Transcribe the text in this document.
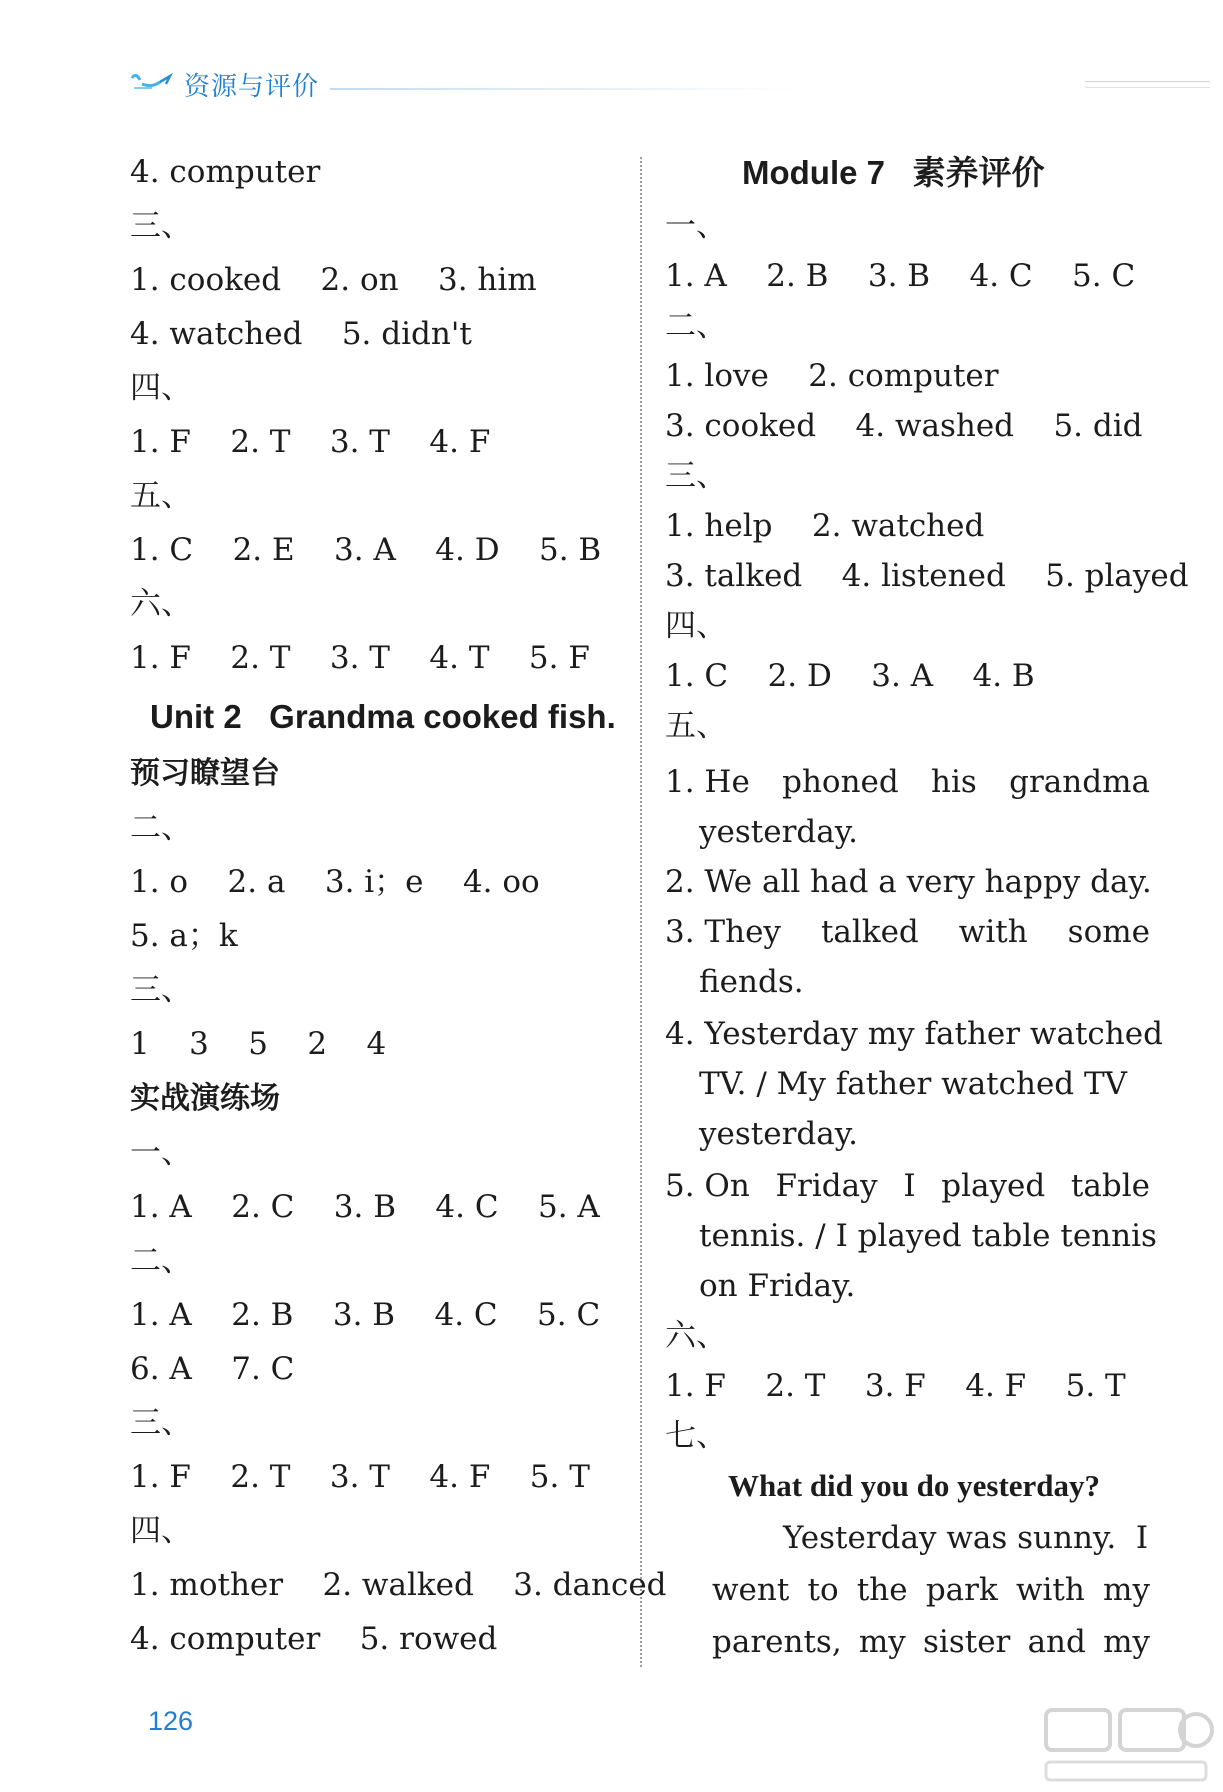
资源与评价
4. computer
三、
1. cooked    2. on    3. him
4. watched    5. didn't
四、
1. F    2. T    3. T    4. F
五、
1. C    2. E    3. A    4. D    5. B
六、
1. F    2. T    3. T    4. T    5. F
Unit 2   Grandma cooked fish.
预习瞭望台
二、
1. o    2. a    3. i；e    4. oo
5. a；k
三、
1    3    5    2    4
实战演练场
一、
1. A    2. C    3. B    4. C    5. A
二、
1. A    2. B    3. B    4. C    5. C
6. A    7. C
三、
1. F    2. T    3. T    4. F    5. T
四、
1. mother    2. walked    3. danced
4. computer    5. rowed
Module 7   素养评价
一、
1. A    2. B    3. B    4. C    5. C
二、
1. love    2. computer
3. cooked    4. washed    5. did
三、
1. help    2. watched
3. talked    4. listened    5. played
四、
1. C    2. D    3. A    4. B
五、
1. He phoned his grandma
yesterday.
2. We all had a very happy day.
3. They talked with some
fiends.
4. Yesterday my father watched
TV. / My father watched TV
yesterday.
5. On Friday I played table
tennis. / I played table tennis
on Friday.
六、
1. F    2. T    3. F    4. F    5. T
七、
What did you do yesterday?
Yesterday was sunny.  I
went to the park with my
parents, my sister and my
126
